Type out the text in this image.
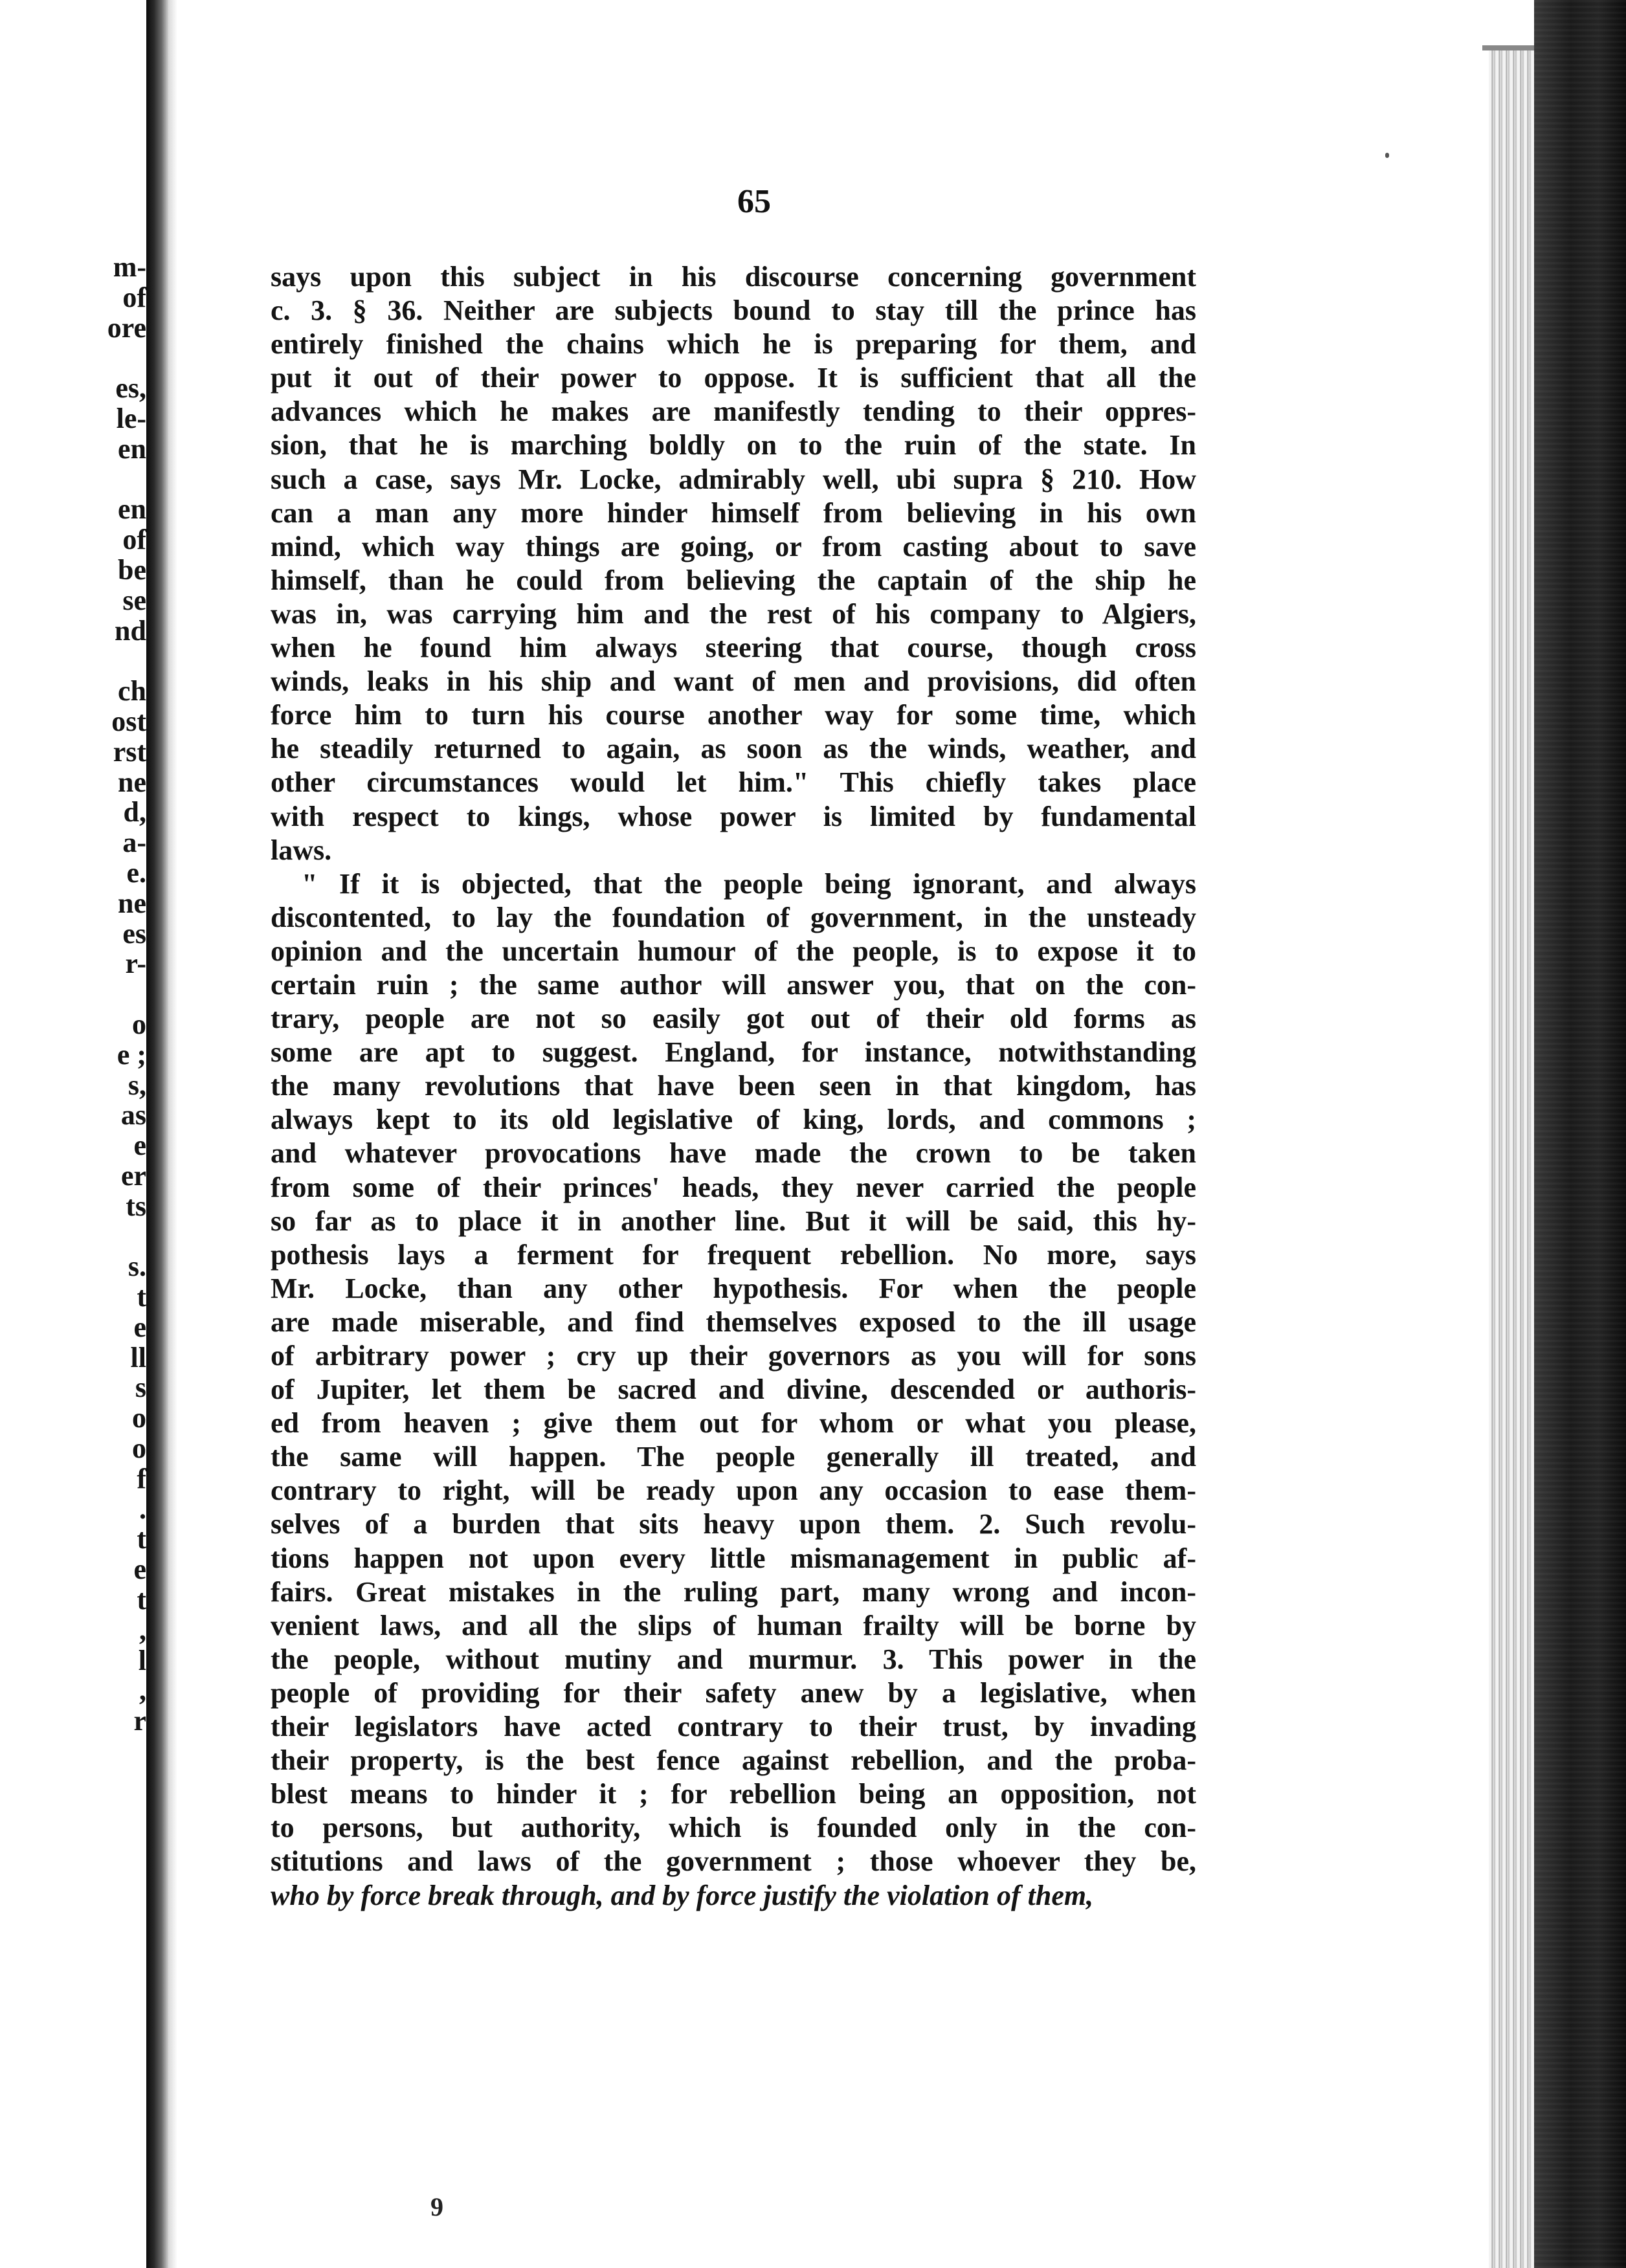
m-
of
ore
es,
le-
en
en
of
be
se
nd
ch
ost
rst
ne
d,
a-
e.
ne
es
r-
o
e ;
s,
as
e
er
ts
s.
t
e
ll
s
o
o
f
.
t
e
t
,
l
,
r
65
says upon this subject in his discourse concerning government
c. 3. § 36. Neither are subjects bound to stay till the prince has
entirely finished the chains which he is preparing for them, and
put it out of their power to oppose. It is sufficient that all the
advances which he makes are manifestly tending to their oppres-
sion, that he is marching boldly on to the ruin of the state. In
such a case, says Mr. Locke, admirably well, ubi supra § 210. How
can a man any more hinder himself from believing in his own
mind, which way things are going, or from casting about to save
himself, than he could from believing the captain of the ship he
was in, was carrying him and the rest of his company to Algiers,
when he found him always steering that course, though cross
winds, leaks in his ship and want of men and provisions, did often
force him to turn his course another way for some time, which
he steadily returned to again, as soon as the winds, weather, and
other circumstances would let him." This chiefly takes place
with respect to kings, whose power is limited by fundamental
laws.
" If it is objected, that the people being ignorant, and always
discontented, to lay the foundation of government, in the unsteady
opinion and the uncertain humour of the people, is to expose it to
certain ruin ; the same author will answer you, that on the con-
trary, people are not so easily got out of their old forms as
some are apt to suggest. England, for instance, notwithstanding
the many revolutions that have been seen in that kingdom, has
always kept to its old legislative of king, lords, and commons ;
and whatever provocations have made the crown to be taken
from some of their princes' heads, they never carried the people
so far as to place it in another line. But it will be said, this hy-
pothesis lays a ferment for frequent rebellion. No more, says
Mr. Locke, than any other hypothesis. For when the people
are made miserable, and find themselves exposed to the ill usage
of arbitrary power ; cry up their governors as you will for sons
of Jupiter, let them be sacred and divine, descended or authoris-
ed from heaven ; give them out for whom or what you please,
the same will happen. The people generally ill treated, and
contrary to right, will be ready upon any occasion to ease them-
selves of a burden that sits heavy upon them. 2. Such revolu-
tions happen not upon every little mismanagement in public af-
fairs. Great mistakes in the ruling part, many wrong and incon-
venient laws, and all the slips of human frailty will be borne by
the people, without mutiny and murmur. 3. This power in the
people of providing for their safety anew by a legislative, when
their legislators have acted contrary to their trust, by invading
their property, is the best fence against rebellion, and the proba-
blest means to hinder it ; for rebellion being an opposition, not
to persons, but authority, which is founded only in the con-
stitutions and laws of the government ; those whoever they be,
who by force break through, and by force justify the violation of them,
9
